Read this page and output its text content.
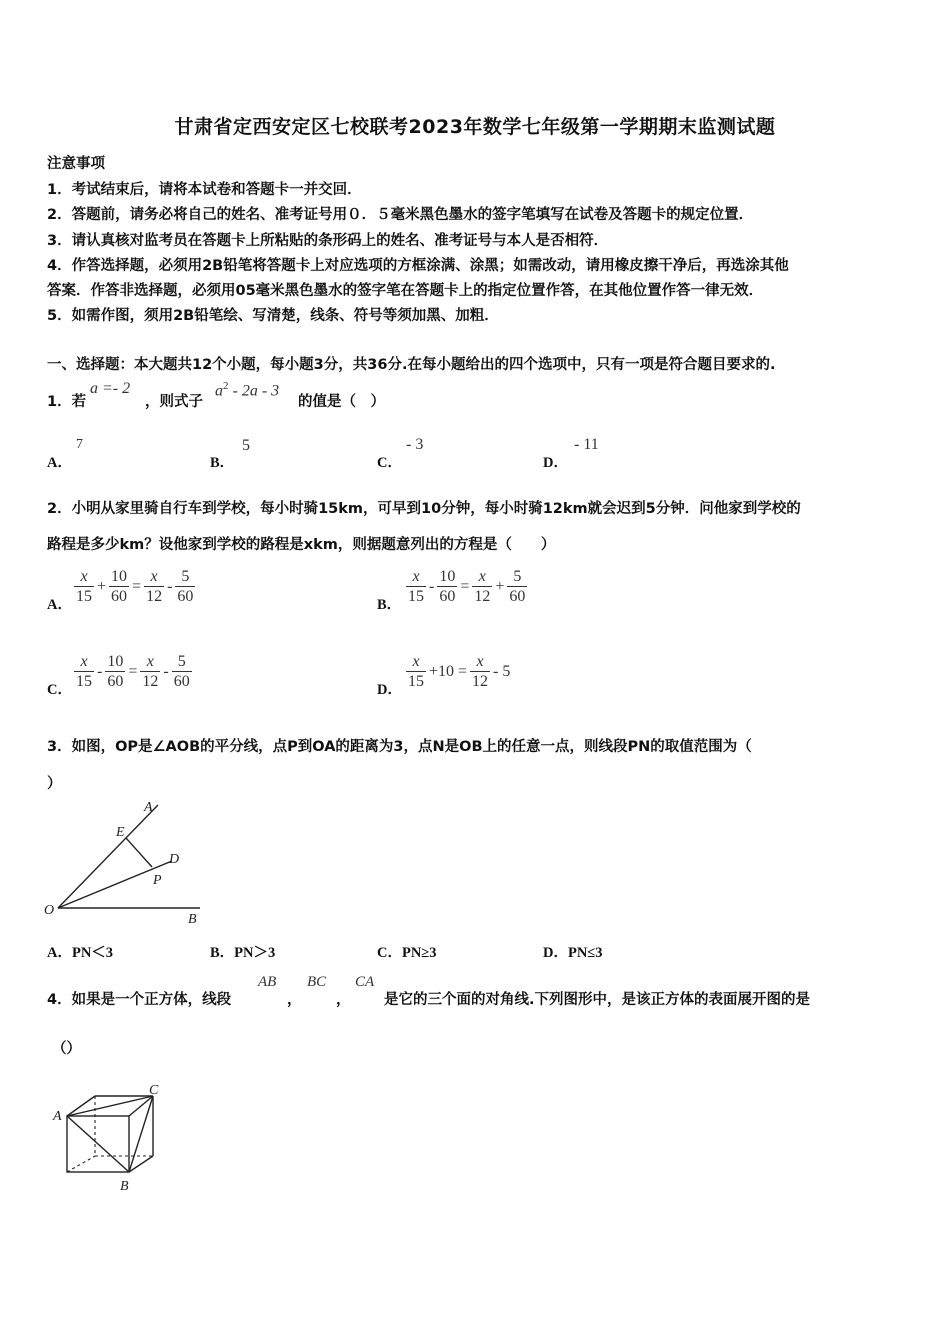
甘肃省定西安定区七校联考2023年数学七年级第一学期期末监测试题
注意事项
1．考试结束后，请将本试卷和答题卡一并交回．
2．答题前，请务必将自己的姓名、准考证号用０．５毫米黑色墨水的签字笔填写在试卷及答题卡的规定位置．
3．请认真核对监考员在答题卡上所粘贴的条形码上的姓名、准考证号与本人是否相符．
4．作答选择题，必须用2B铅笔将答题卡上对应选项的方框涂满、涂黑；如需改动，请用橡皮擦干净后，再选涂其他
答案．作答非选择题，必须用05毫米黑色墨水的签字笔在答题卡上的指定位置作答，在其他位置作答一律无效．
5．如需作图，须用2B铅笔绘、写清楚，线条、符号等须加黑、加粗．
一、选择题：本大题共12个小题，每小题3分，共36分.在每小题给出的四个选项中，只有一项是符合题目要求的.
1．若
a =- 2
，则式子
$a^2 - 2a - 3$
的值是（　）
A．
7
B．
5
C．
- 3
D．
- 11
2．小明从家里骑自行车到学校，每小时骑15km，可早到10分钟，每小时骑12km就会迟到5分钟．问他家到学校的
路程是多少km？设他家到学校的路程是xkm，则据题意列出的方程是（　　）
A． $\frac{x}{15} + \frac{10}{60} = \frac{x}{12} - \frac{5}{60}$	B． $\frac{x}{15} - \frac{10}{60} = \frac{x}{12} + \frac{5}{60}$
C． $\frac{x}{15} - \frac{10}{60} = \frac{x}{12} - \frac{5}{60}$	D． $\frac{x}{15} +10 = \frac{x}{12} - 5$
3．如图，OP是∠AOB的平分线，点P到OA的距离为3，点N是OB上的任意一点，则线段PN的取值范围为（
）
O
A
B
E
D
P
A．PN＜3	B．PN＞3	C．PN≥3	D．PN≤3
4．如果是一个正方体，线段
AB
，
BC
，
CA
是它的三个面的对角线.下列图形中，是该正方体的表面展开图的是
（）
A
C
B
